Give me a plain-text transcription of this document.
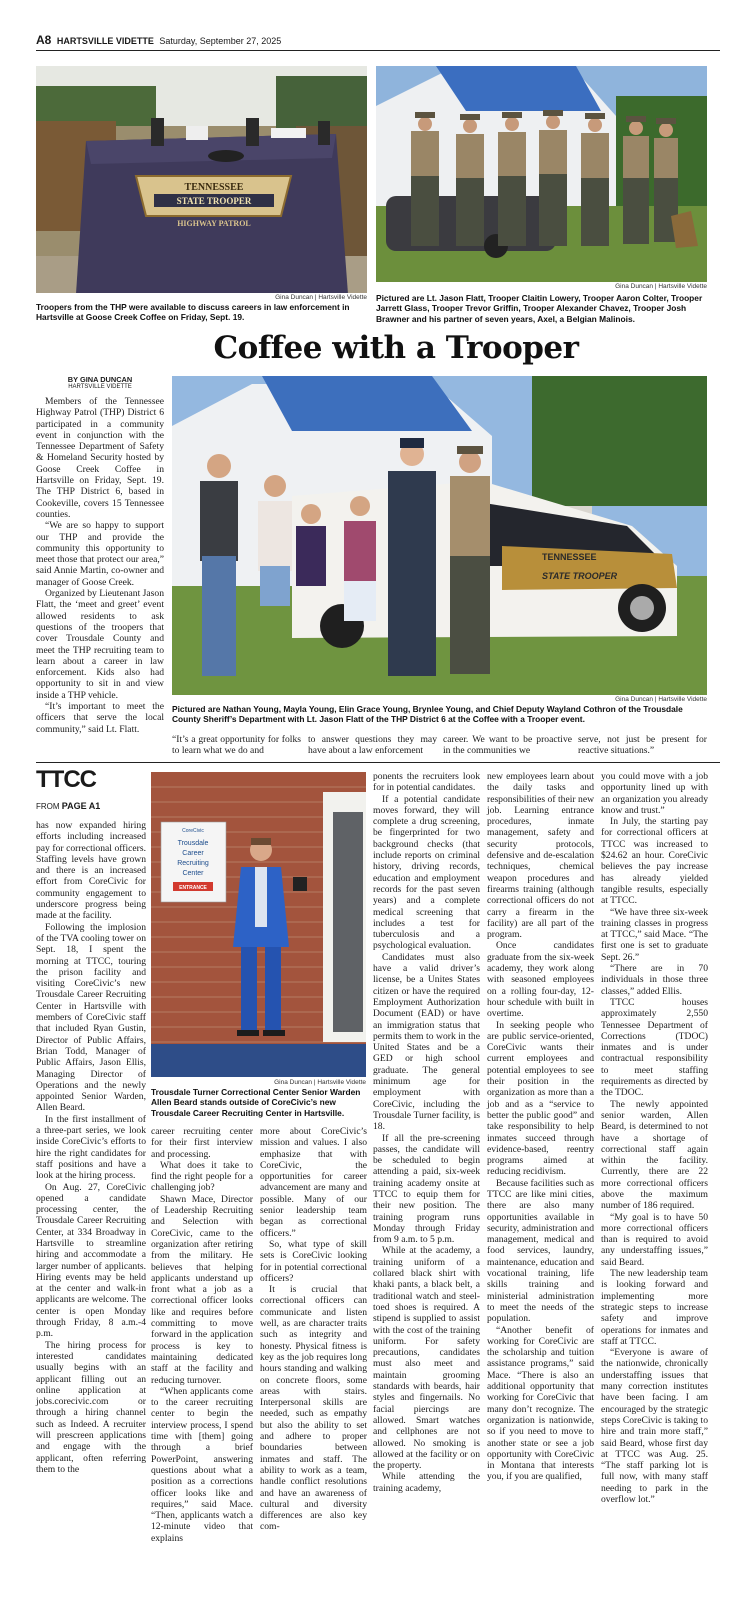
A8 HARTSVILLE VIDETTE Saturday, September 27, 2025
TENNESSEE
STATE TROOPER
HIGHWAY PATROL
Gina Duncan | Hartsville Vidette
Troopers from the THP were available to discuss careers in law enforcement in Hartsville at Goose Creek Coffee on Friday, Sept. 19.
Gina Duncan | Hartsville Vidette
Pictured are Lt. Jason Flatt, Trooper Claitin Lowery, Trooper Aaron Colter, Trooper Jarrett Glass, Trooper Trevor Griffin, Trooper Alexander Chavez, Trooper Josh Brawner and his partner of seven years, Axel, a Belgian Malinois.
Coffee with a Trooper
BY GINA DUNCAN
HARTSVILLE VIDETTE

Members of the Tennessee Highway Patrol (THP) District 6 participated in a community event in conjunction with the Tennessee Department of Safety & Homeland Security hosted by Goose Creek Coffee in Hartsville on Friday, Sept. 19. The THP District 6, based in Cookeville, covers 15 Tennessee counties.

“We are so happy to support our THP and provide the community this opportunity to meet those that protect our area,” said Annie Martin, co-owner and manager of Goose Creek.

Organized by Lieutenant Jason Flatt, the ‘meet and greet’ event allowed residents to ask questions of the troopers that cover Trousdale County and meet the THP recruiting team to learn about a career in law enforcement. Kids also had opportunity to sit in and view inside a THP vehicle.

“It’s important to meet the officers that serve the local community,” said Lt. Flatt.

TENNESSEE
STATE TROOPER
Gina Duncan | Hartsville Vidette
Pictured are Nathan Young, Mayla Young, Elin Grace Young, Brynlee Young, and Chief Deputy Wayland Cothron of the Trousdale County Sheriff’s Department with Lt. Jason Flatt of the THP District 6 at the Coffee with a Trooper event.

“It’s a great opportunity for folks to learn what we do and

to answer questions they may have about a law enforcement

career. We want to be proactive in the communities we

serve, not just be present for reactive situations.”

TTCC
FROM PAGE A1

has now expanded hiring efforts including increased pay for correctional officers. Staffing levels have grown and there is an increased effort from CoreCivic for community engagement to underscore progress being made at the facility.

Following the implosion of the TVA cooling tower on Sept. 18, I spent the morning at TTCC, touring the prison facility and visiting CoreCivic’s new Trousdale Career Recruiting Center in Hartsville with members of CoreCivic staff that included Ryan Gustin, Director of Public Affairs, Brian Todd, Manager of Public Affairs, Jason Ellis, Managing Director of Operations and the newly appointed Senior Warden, Allen Beard.

In the first installment of a three-part series, we look inside CoreCivic’s efforts to hire the right candidates for staff positions and have a look at the hiring process.

On Aug. 27, CoreCivic opened a candidate processing center, the Trousdale Career Recruiting Center, at 334 Broadway in Hartsville to streamline hiring and accommodate a larger number of applicants. Hiring events may be held at the center and walk-in applicants are welcome. The center is open Monday through Friday, 8 a.m.-4 p.m.

The hiring process for interested candidates usually begins with an applicant filling out an online application at jobs.corecivic.com or through a hiring channel such as Indeed. A recruiter will prescreen applications and engage with the applicant, often referring them to the

CoreCivic
Trousdale
Career
Recruiting
Center
ENTRANCE
Gina Duncan | Hartsville Vidette
Trousdale Turner Correctional Center Senior Warden Allen Beard stands outside of CoreCivic’s new Trousdale Career Recruiting Center in Hartsville.

career recruiting center for their first interview and processing.

What does it take to find the right people for a challenging job?

Shawn Mace, Director of Leadership Recruiting and Selection with CoreCivic, came to the organization after retiring from the military. He believes that helping applicants understand up front what a job as a correctional officer looks like and requires before committing to move forward in the application process is key to maintaining dedicated staff at the facility and reducing turnover.

“When applicants come to the career recruiting center to begin the interview process, I spend time with [them] going through a brief PowerPoint, answering questions about what a position as a corrections officer looks like and requires,” said Mace. “Then, applicants watch a 12-minute video that explains

more about CoreCivic’s mission and values. I also emphasize that with CoreCivic, the opportunities for career advancement are many and possible. Many of our senior leadership team began as correctional officers.”

So, what type of skill sets is CoreCivic looking for in potential correctional officers?

It is crucial that correctional officers can communicate and listen well, as are character traits such as integrity and honesty. Physical fitness is key as the job requires long hours standing and walking on concrete floors, some areas with stairs. Interpersonal skills are needed, such as empathy but also the ability to set and adhere to proper boundaries between inmates and staff. The ability to work as a team, handle conflict resolutions and have an awareness of cultural and diversity differences are also key com-

ponents the recruiters look for in potential candidates.

If a potential candidate moves forward, they will complete a drug screening, be fingerprinted for two background checks (that include reports on criminal history, driving records, education and employment records for the past seven years) and a complete medical screening that includes a test for tuberculosis and a psychological evaluation.

Candidates must also have a valid driver’s license, be a Unites States citizen or have the required Employment Authorization Document (EAD) or have an immigration status that permits them to work in the United States and be a GED or high school graduate. The general minimum age for employment with CoreCivic, including the Trousdale Turner facility, is 18.

If all the pre-screening passes, the candidate will be scheduled to begin attending a paid, six-week training academy onsite at TTCC to equip them for their new position. The training program runs Monday through Friday from 9 a.m. to 5 p.m.

While at the academy, a training uniform of a collared black shirt with khaki pants, a black belt, a traditional watch and steel-toed shoes is required. A stipend is supplied to assist with the cost of the training uniform. For safety precautions, candidates must also meet and maintain grooming standards with beards, hair styles and fingernails. No facial piercings are allowed. Smart watches and cellphones are not allowed. No smoking is allowed at the facility or on the property.

While attending the training academy,

new employees learn about the daily tasks and responsibilities of their new job. Learning entrance procedures, inmate management, safety and security protocols, defensive and de-escalation techniques, chemical weapon procedures and firearms training (although correctional officers do not carry a firearm in the facility) are all part of the program.

Once candidates graduate from the six-week academy, they work along with seasoned employees on a rolling four-day, 12-hour schedule with built in overtime.

In seeking people who are public service-oriented, CoreCivic wants their current employees and potential employees to see their position in the organization as more than a job and as a “service to better the public good” and take responsibility to help inmates succeed through evidence-based, reentry programs aimed at reducing recidivism.

Because facilities such as TTCC are like mini cities, there are also many opportunities available in security, administration and management, medical and food services, laundry, maintenance, education and vocational training, life skills training and ministerial administration to meet the needs of the population.

“Another benefit of working for CoreCivic are the scholarship and tuition assistance programs,” said Mace. “There is also an additional opportunity that working for CoreCivic that many don’t recognize. The organization is nationwide, so if you need to move to another state or see a job opportunity with CoreCivic in Montana that interests you, if you are qualified,

you could move with a job opportunity lined up with an organization you already know and trust.”

In July, the starting pay for correctional officers at TTCC was increased to $24.62 an hour. CoreCivic believes the pay increase has already yielded tangible results, especially at TTCC.

“We have three six-week training classes in progress at TTCC,” said Mace. “The first one is set to graduate Sept. 26.”

“There are in 70 individuals in those three classes,” added Ellis.

TTCC houses approximately 2,550 Tennessee Department of Corrections (TDOC) inmates and is under contractual responsibility to meet staffing requirements as directed by the TDOC.

The newly appointed senior warden, Allen Beard, is determined to not have a shortage of correctional staff again within the facility. Currently, there are 22 more correctional officers above the maximum number of 186 required.

“My goal is to have 50 more correctional officers than is required to avoid any understaffing issues,” said Beard.

The new leadership team is looking forward and implementing more strategic steps to increase safety and improve operations for inmates and staff at TTCC.

“Everyone is aware of the nationwide, chronically understaffing issues that many correction institutes have been facing. I am encouraged by the strategic steps CoreCivic is taking to hire and train more staff,” said Beard, whose first day at TTCC was Aug. 25. “The staff parking lot is full now, with many staff needing to park in the overflow lot.”
